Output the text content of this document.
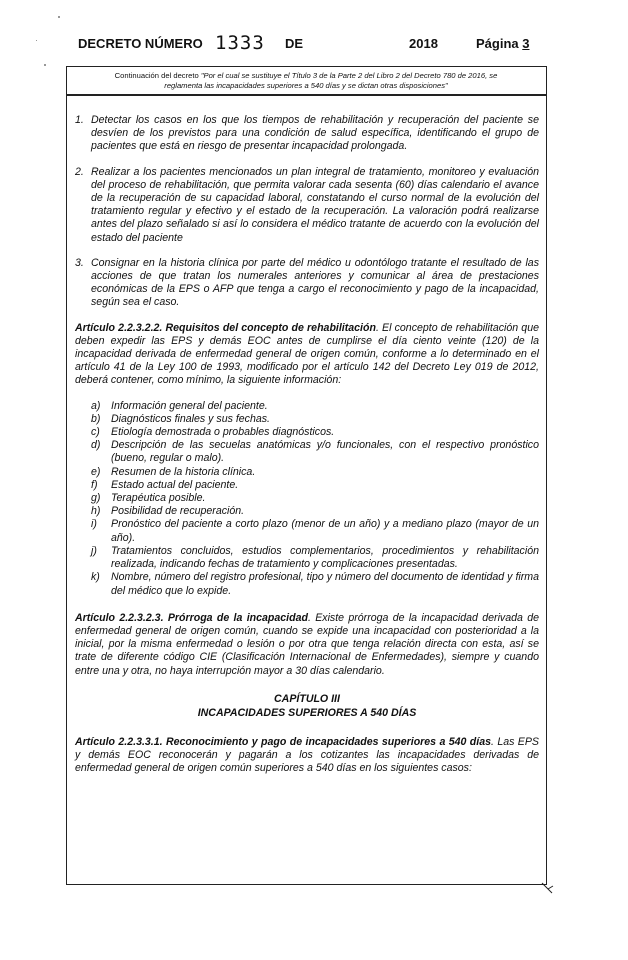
DECRETO NÚMERO 1333 DE	2018	Página 3
Continuación del decreto "Por el cual se sustituye el Título 3 de la Parte 2 del Libro 2 del Decreto 780 de 2016, se
reglamenta las incapacidades superiores a 540 días y se dictan otras disposiciones"
1. Detectar los casos en los que los tiempos de rehabilitación y recuperación del paciente se desvíen de los previstos para una condición de salud específica, identificando el grupo de pacientes que está en riesgo de presentar incapacidad prolongada.
2. Realizar a los pacientes mencionados un plan integral de tratamiento, monitoreo y evaluación del proceso de rehabilitación, que permita valorar cada sesenta (60) días calendario el avance de la recuperación de su capacidad laboral, constatando el curso normal de la evolución del tratamiento regular y efectivo y el estado de la recuperación. La valoración podrá realizarse antes del plazo señalado si así lo considera el médico tratante de acuerdo con la evolución del estado del paciente
3. Consignar en la historia clínica por parte del médico u odontólogo tratante el resultado de las acciones de que tratan los numerales anteriores y comunicar al área de prestaciones económicas de la EPS o AFP que tenga a cargo el reconocimiento y pago de la incapacidad, según sea el caso.
Artículo 2.2.3.2.2. Requisitos del concepto de rehabilitación. El concepto de rehabilitación que deben expedir las EPS y demás EOC antes de cumplirse el día ciento veinte (120) de la incapacidad derivada de enfermedad general de origen común, conforme a lo determinado en el artículo 41 de la Ley 100 de 1993, modificado por el artículo 142 del Decreto Ley 019 de 2012, deberá contener, como mínimo, la siguiente información:
a) Información general del paciente.
b) Diagnósticos finales y sus fechas.
c) Etiología demostrada o probables diagnósticos.
d) Descripción de las secuelas anatómicas y/o funcionales, con el respectivo pronóstico (bueno, regular o malo).
e) Resumen de la historia clínica.
f) Estado actual del paciente.
g) Terapéutica posible.
h) Posibilidad de recuperación.
i) Pronóstico del paciente a corto plazo (menor de un año) y a mediano plazo (mayor de un año).
j) Tratamientos concluidos, estudios complementarios, procedimientos y rehabilitación realizada, indicando fechas de tratamiento y complicaciones presentadas.
k) Nombre, número del registro profesional, tipo y número del documento de identidad y firma del médico que lo expide.
Artículo 2.2.3.2.3. Prórroga de la incapacidad. Existe prórroga de la incapacidad derivada de enfermedad general de origen común, cuando se expide una incapacidad con posterioridad a la inicial, por la misma enfermedad o lesión o por otra que tenga relación directa con esta, así se trate de diferente código CIE (Clasificación Internacional de Enfermedades), siempre y cuando entre una y otra, no haya interrupción mayor a 30 días calendario.
CAPÍTULO III
INCAPACIDADES SUPERIORES A 540 DÍAS
Artículo 2.2.3.3.1. Reconocimiento y pago de incapacidades superiores a 540 días. Las EPS y demás EOC reconocerán y pagarán a los cotizantes las incapacidades derivadas de enfermedad general de origen común superiores a 540 días en los siguientes casos:
